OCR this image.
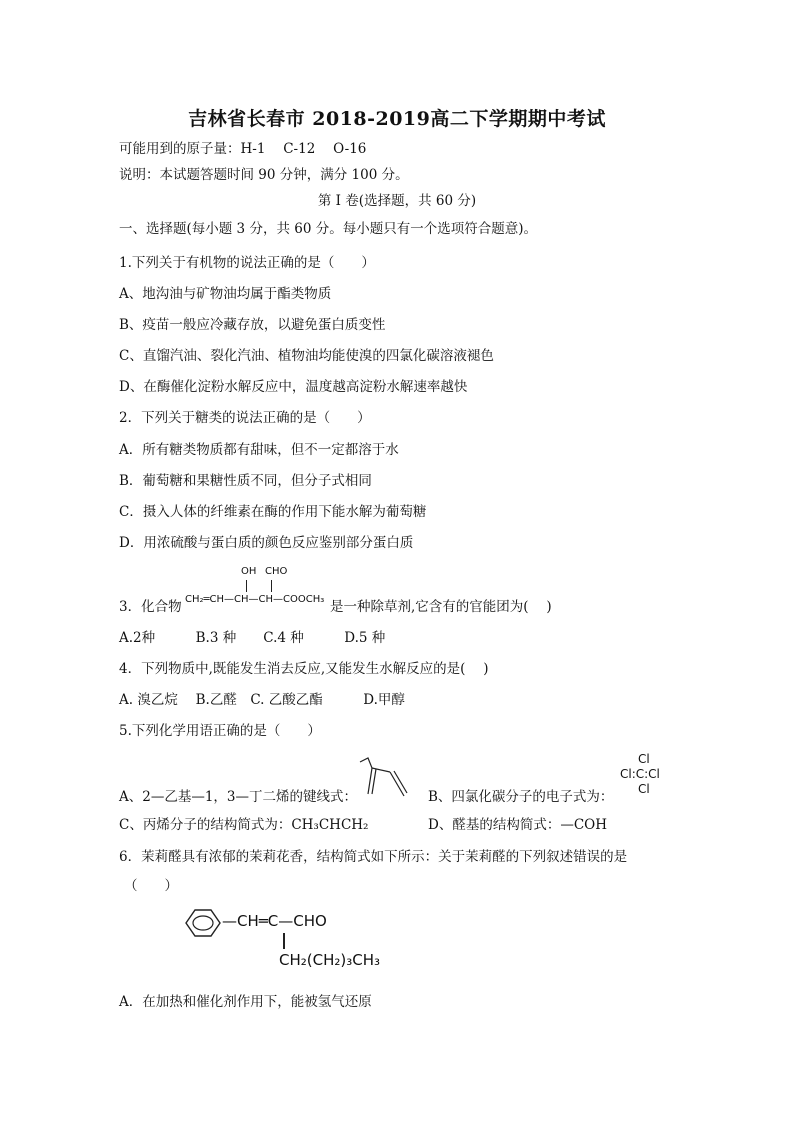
吉林省长春市 2018-2019高二下学期期中考试
可能用到的原子量：H-1　 C-12　 O-16
说明：本试题答题时间 90 分钟，满分 100 分。
第 I 卷(选择题，共 60 分)
一、选择题(每小题 3 分，共 60 分。每小题只有一个选项符合题意)。
1.下列关于有机物的说法正确的是（　　）
A、地沟油与矿物油均属于酯类物质
B、疫苗一般应冷藏存放，以避免蛋白质变性
C、直馏汽油、裂化汽油、植物油均能使溴的四氯化碳溶液褪色
D、在酶催化淀粉水解反应中，温度越高淀粉水解速率越快
2．下列关于糖类的说法正确的是（　　）
A．所有糖类物质都有甜味，但不一定都溶于水
B．葡萄糖和果糖性质不同，但分子式相同
C．摄入人体的纤维素在酶的作用下能水解为葡萄糖
D．用浓硫酸与蛋白质的颜色反应鉴别部分蛋白质
3．化合物
OH CHO
CH₂═CH—CH—CH—COOCH₃ 是一种除草剂,它含有的官能团为(　 )
A.2种　　　B.3 种　　C.4 种　　　D.5 种
4．下列物质中,既能发生消去反应,又能发生水解反应的是(　 )
A. 溴乙烷　 B.乙醛　C. 乙酸乙酯　　　D.甲醇
5.下列化学用语正确的是（　　）
A、2—乙基—1，3—丁二烯的键线式：	B、四氯化碳分子的电子式为：
Cl
Cl:C:Cl
Cl
C、丙烯分子的结构简式为：CH₃CHCH₂	D、醛基的结构简式：—COH
6．茉莉醛具有浓郁的茉莉花香，结构简式如下所示：关于茉莉醛的下列叙述错误的是
（　　）
—CH═C—CHO
CH₂(CH₂)₃CH₃
A．在加热和催化剂作用下，能被氢气还原
